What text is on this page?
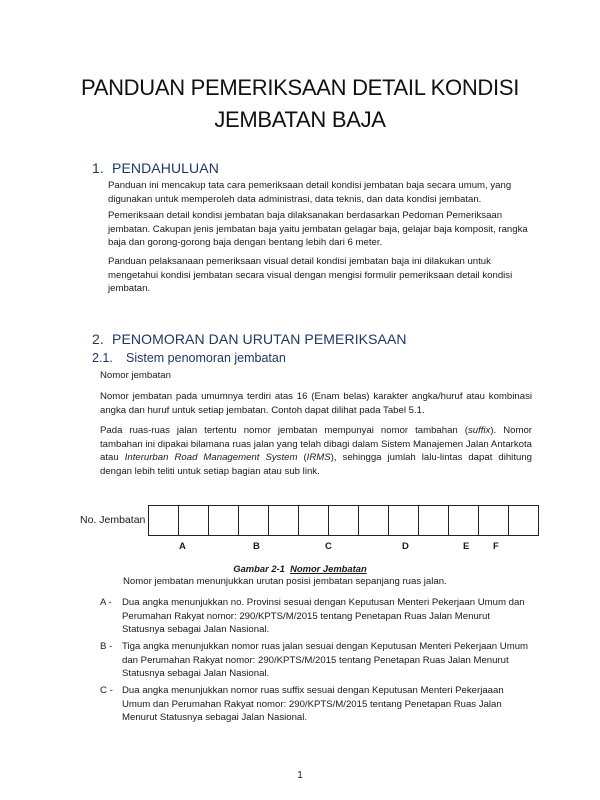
PANDUAN PEMERIKSAAN DETAIL KONDISI
JEMBATAN BAJA
1. PENDAHULUAN
Panduan ini mencakup tata cara pemeriksaan detail kondisi jembatan baja secara umum, yang digunakan untuk memperoleh data administrasi, data teknis, dan data kondisi jembatan.
Pemeriksaan detail kondisi jembatan baja dilaksanakan berdasarkan Pedoman Pemeriksaan jembatan. Cakupan jenis jembatan baja yaitu jembatan gelagar baja, gelajar baja komposit, rangka baja dan gorong-gorong baja dengan bentang lebih dari 6 meter.
Panduan pelaksanaan pemeriksaan visual detail kondisi jembatan baja ini dilakukan untuk mengetahui kondisi jembatan secara visual dengan mengisi formulir pemeriksaan detail kondisi jembatan.
2. PENOMORAN DAN URUTAN PEMERIKSAAN
2.1. Sistem penomoran jembatan
Nomor jembatan
Nomor jembatan pada umumnya terdiri atas 16 (Enam belas) karakter angka/huruf atau kombinasi angka dan huruf untuk setiap jembatan. Contoh dapat dilihat pada Tabel 5.1.
Pada ruas-ruas jalan tertentu nomor jembatan mempunyai nomor tambahan (suffix). Nomor tambahan ini dipakai bilamana ruas jalan yang telah dibagi dalam Sistem Manajemen Jalan Antarkota atau Interurban Road Management System (IRMS), sehingga jumlah lalu-lintas dapat dihitung dengan lebih teliti untuk setiap bagian atau sub link.
No. Jembatan
A	B	C	D	E F
Gambar 2-1 Nomor Jembatan
Nomor jembatan menunjukkan urutan posisi jembatan sepanjang ruas jalan.
A - Dua angka menunjukkan no. Provinsi sesuai dengan Keputusan Menteri Pekerjaan Umum dan Perumahan Rakyat nomor: 290/KPTS/M/2015 tentang Penetapan Ruas Jalan Menurut Statusnya sebagai Jalan Nasional.
B - Tiga angka menunjukkan nomor ruas jalan sesuai dengan Keputusan Menteri Pekerjaan Umum dan Perumahan Rakyat nomor: 290/KPTS/M/2015 tentang Penetapan Ruas Jalan Menurut Statusnya sebagai Jalan Nasional.
C - Dua angka menunjukkan nomor ruas suffix sesuai dengan Keputusan Menteri Pekerjaaan Umum dan Perumahan Rakyat nomor: 290/KPTS/M/2015 tentang Penetapan Ruas Jalan Menurut Statusnya sebagai Jalan Nasional.
1
